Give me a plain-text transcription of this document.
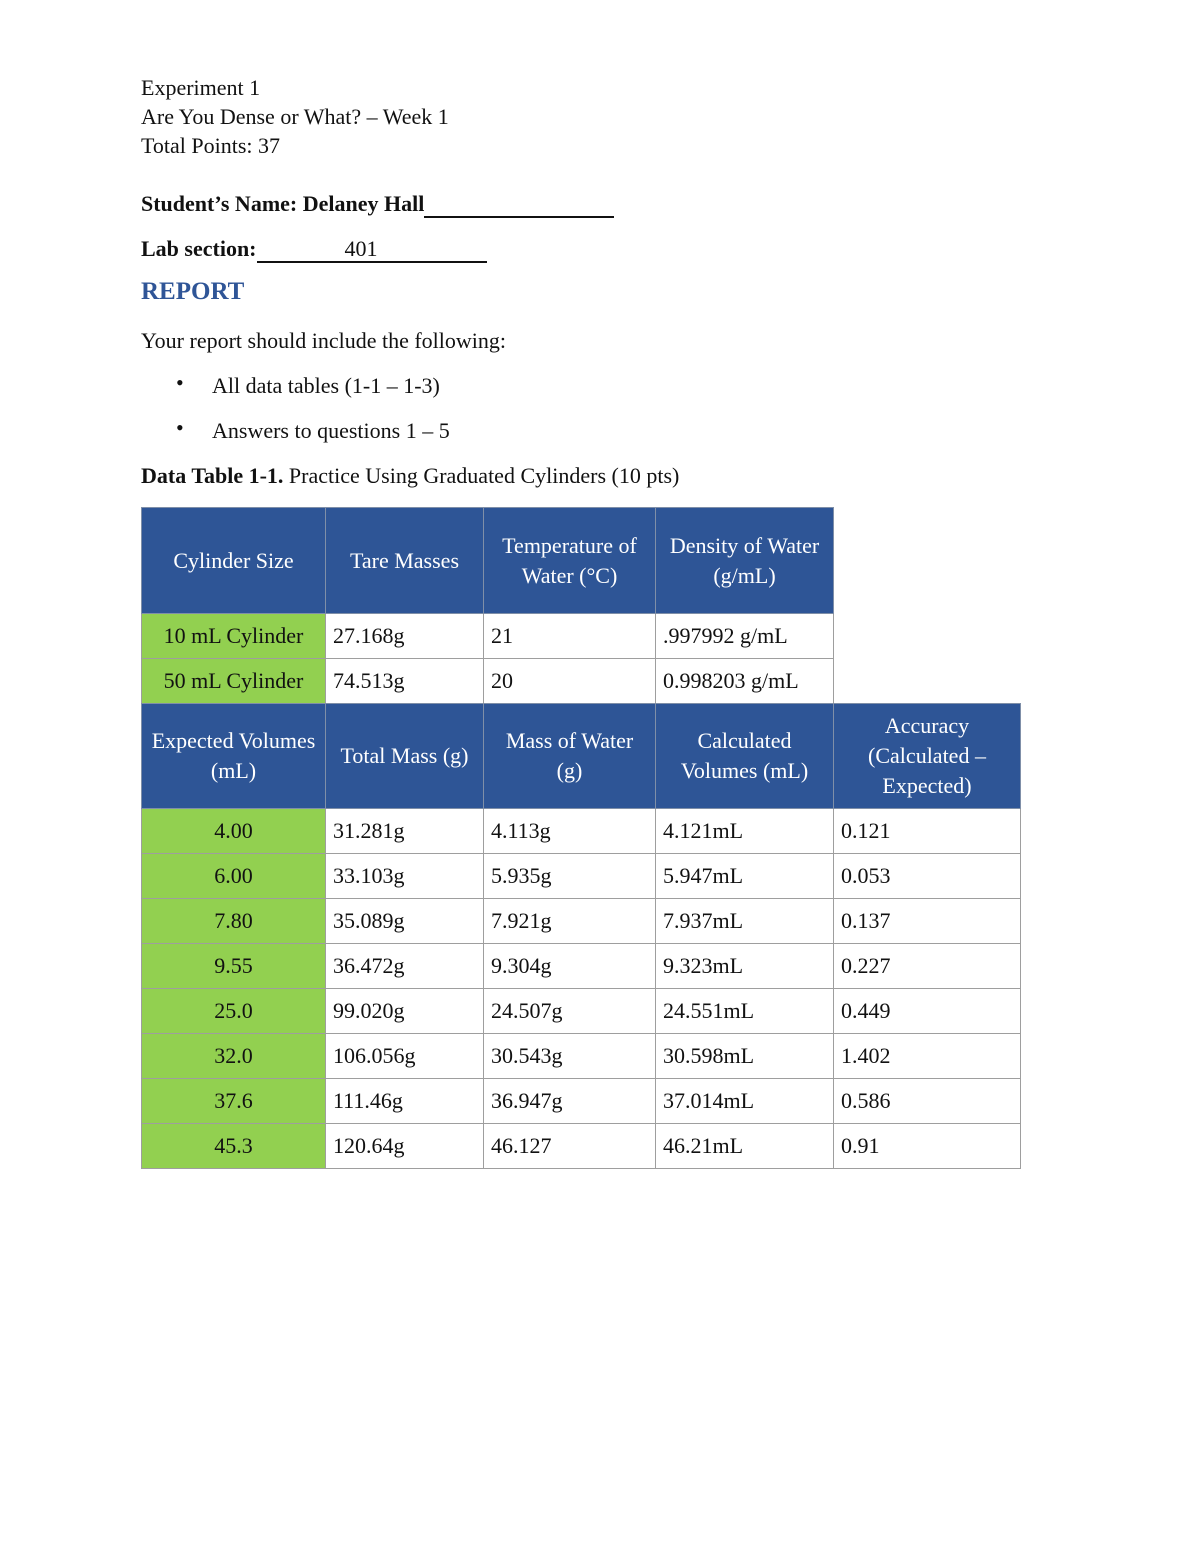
Experiment 1
Are You Dense or What? – Week 1
Total Points: 37
Student’s Name: Delaney Hall
Lab section:	401
REPORT
Your report should include the following:
• All data tables (1-1 – 1-3)
• Answers to questions 1 – 5
Data Table 1-1. Practice Using Graduated Cylinders (10 pts)
Cylinder Size	Tare Masses	Temperature of Water (°C)	Density of Water (g/mL)
10 mL Cylinder	27.168g	21	.997992 g/mL
50 mL Cylinder	74.513g	20	0.998203 g/mL
Expected Volumes (mL)	Total Mass (g)	Mass of Water (g)	Calculated Volumes (mL)	Accuracy (Calculated – Expected)
4.00	31.281g	4.113g	4.121mL	0.121
6.00	33.103g	5.935g	5.947mL	0.053
7.80	35.089g	7.921g	7.937mL	0.137
9.55	36.472g	9.304g	9.323mL	0.227
25.0	99.020g	24.507g	24.551mL	0.449
32.0	106.056g	30.543g	30.598mL	1.402
37.6	111.46g	36.947g	37.014mL	0.586
45.3	120.64g	46.127	46.21mL	0.91
